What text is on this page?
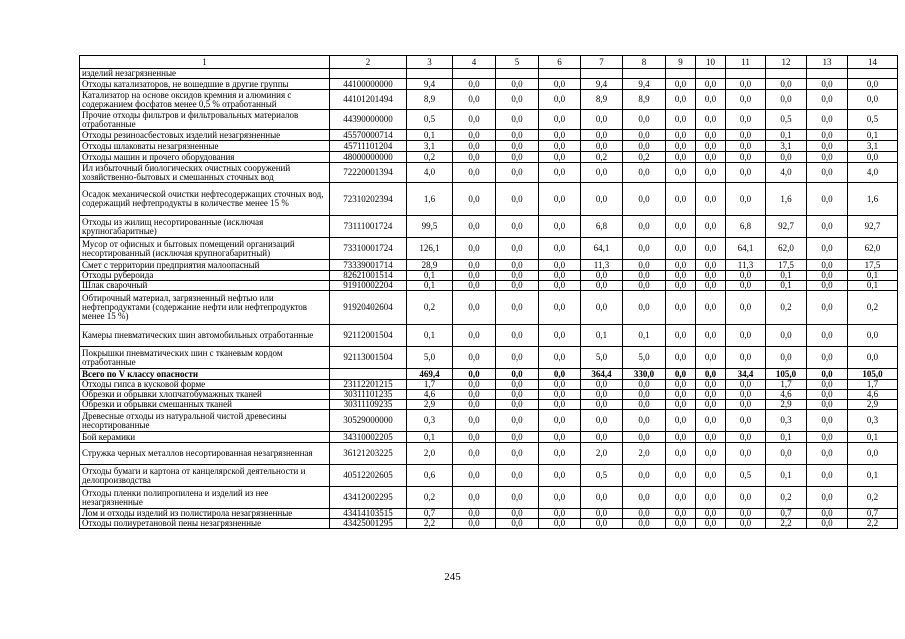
1	2	3	4	5	6	7	8	9	10	11	12	13	14
изделий незагрязненные													
Отходы катализаторов, не вошедшие в другие группы	44100000000	9,4	0,0	0,0	0,0	9,4	9,4	0,0	0,0	0,0	0,0	0,0	0,0
Катализатор на основе оксидов кремния и алюминия с содержанием фосфатов менее 0,5 % отработанный	44101201494	8,9	0,0	0,0	0,0	8,9	8,9	0,0	0,0	0,0	0,0	0,0	0,0
Прочие отходы фильтров и фильтровальных материалов отработанные	44390000000	0,5	0,0	0,0	0,0	0,0	0,0	0,0	0,0	0,0	0,5	0,0	0,5
Отходы резиноасбестовых изделий незагрязненные	45570000714	0,1	0,0	0,0	0,0	0,0	0,0	0,0	0,0	0,0	0,1	0,0	0,1
Отходы шлаковаты незагрязненные	45711101204	3,1	0,0	0,0	0,0	0,0	0,0	0,0	0,0	0,0	3,1	0,0	3,1
Отходы машин и прочего оборудования	48000000000	0,2	0,0	0,0	0,0	0,2	0,2	0,0	0,0	0,0	0,0	0,0	0,0
Ил избыточный биологических очистных сооружений хозяйственно-бытовых и смешанных сточных вод	72220001394	4,0	0,0	0,0	0,0	0,0	0,0	0,0	0,0	0,0	4,0	0,0	4,0
Осадок механической очистки нефтесодержащих сточных вод, содержащий нефтепродукты в количестве менее 15 %	72310202394	1,6	0,0	0,0	0,0	0,0	0,0	0,0	0,0	0,0	1,6	0,0	1,6
Отходы из жилищ несортированные (исключая крупногабаритные)	73111001724	99,5	0,0	0,0	0,0	6,8	0,0	0,0	0,0	6,8	92,7	0,0	92,7
Мусор от офисных и бытовых помещений организаций несортированный (исключая крупногабаритный)	73310001724	126,1	0,0	0,0	0,0	64,1	0,0	0,0	0,0	64,1	62,0	0,0	62,0
Смет с территории предприятия малоопасный	73339001714	28,9	0,0	0,0	0,0	11,3	0,0	0,0	0,0	11,3	17,5	0,0	17,5
Отходы рубероида	82621001514	0,1	0,0	0,0	0,0	0,0	0,0	0,0	0,0	0,0	0,1	0,0	0,1
Шлак сварочный	91910002204	0,1	0,0	0,0	0,0	0,0	0,0	0,0	0,0	0,0	0,1	0,0	0,1
Обтирочный материал, загрязненный нефтью или нефтепродуктами (содержание нефти или нефтепродуктов менее 15 %)	91920402604	0,2	0,0	0,0	0,0	0,0	0,0	0,0	0,0	0,0	0,2	0,0	0,2
Камеры пневматических шин автомобильных отработанные	92112001504	0,1	0,0	0,0	0,0	0,1	0,1	0,0	0,0	0,0	0,0	0,0	0,0
Покрышки пневматических шин с тканевым кордом отработанные	92113001504	5,0	0,0	0,0	0,0	5,0	5,0	0,0	0,0	0,0	0,0	0,0	0,0
Всего по V классу опасности		469,4	0,0	0,0	0,0	364,4	330,0	0,0	0,0	34,4	105,0	0,0	105,0
Отходы гипса в кусковой форме	23112201215	1,7	0,0	0,0	0,0	0,0	0,0	0,0	0,0	0,0	1,7	0,0	1,7
Обрезки и обрывки хлопчатобумажных тканей	30311101235	4,6	0,0	0,0	0,0	0,0	0,0	0,0	0,0	0,0	4,6	0,0	4,6
Обрезки и обрывки смешанных тканей	30311109235	2,9	0,0	0,0	0,0	0,0	0,0	0,0	0,0	0,0	2,9	0,0	2,9
Древесные отходы из натуральной чистой древесины несортированные	30529000000	0,3	0,0	0,0	0,0	0,0	0,0	0,0	0,0	0,0	0,3	0,0	0,3
Бой керамики	34310002205	0,1	0,0	0,0	0,0	0,0	0,0	0,0	0,0	0,0	0,1	0,0	0,1
Стружка черных металлов несортированная незагрязненная	36121203225	2,0	0,0	0,0	0,0	2,0	2,0	0,0	0,0	0,0	0,0	0,0	0,0
Отходы бумаги и картона от канцелярской деятельности и делопроизводства	40512202605	0,6	0,0	0,0	0,0	0,5	0,0	0,0	0,0	0,5	0,1	0,0	0,1
Отходы пленки полипропилена и изделий из нее незагрязненные	43412002295	0,2	0,0	0,0	0,0	0,0	0,0	0,0	0,0	0,0	0,2	0,0	0,2
Лом и отходы изделий из полистирола незагрязненные	43414103515	0,7	0,0	0,0	0,0	0,0	0,0	0,0	0,0	0,0	0,7	0,0	0,7
Отходы полиуретановой пены незагрязненные	43425001295	2,2	0,0	0,0	0,0	0,0	0,0	0,0	0,0	0,0	2,2	0,0	2,2
245
